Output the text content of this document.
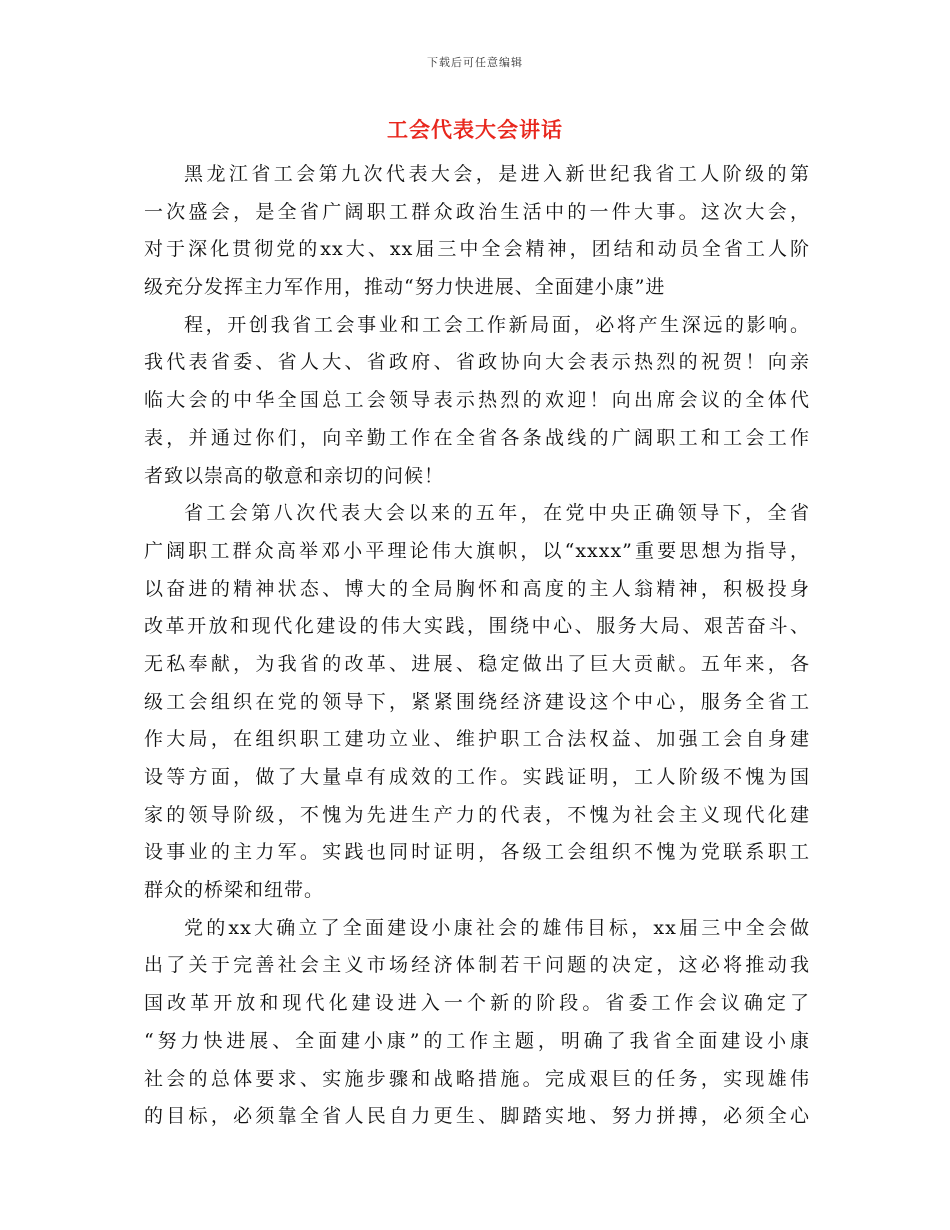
下载后可任意编辑
工会代表大会讲话
黑龙江省工会第九次代表大会，是进入新世纪我省工人阶级的第
一次盛会，是全省广阔职工群众政治生活中的一件大事。这次大会，
对于深化贯彻党的xx大、xx届三中全会精神，团结和动员全省工人阶
级充分发挥主力军作用，推动“努力快进展、全面建小康”进
程，开创我省工会事业和工会工作新局面，必将产生深远的影响。
我代表省委、省人大、省政府、省政协向大会表示热烈的祝贺！向亲
临大会的中华全国总工会领导表示热烈的欢迎！向出席会议的全体代
表，并通过你们，向辛勤工作在全省各条战线的广阔职工和工会工作
者致以崇高的敬意和亲切的问候！
省工会第八次代表大会以来的五年，在党中央正确领导下，全省
广阔职工群众高举邓小平理论伟大旗帜，以“xxxx”重要思想为指导，
以奋进的精神状态、博大的全局胸怀和高度的主人翁精神，积极投身
改革开放和现代化建设的伟大实践，围绕中心、服务大局、艰苦奋斗、
无私奉献，为我省的改革、进展、稳定做出了巨大贡献。五年来，各
级工会组织在党的领导下，紧紧围绕经济建设这个中心，服务全省工
作大局，在组织职工建功立业、维护职工合法权益、加强工会自身建
设等方面，做了大量卓有成效的工作。实践证明，工人阶级不愧为国
家的领导阶级，不愧为先进生产力的代表，不愧为社会主义现代化建
设事业的主力军。实践也同时证明，各级工会组织不愧为党联系职工
群众的桥梁和纽带。
党的xx大确立了全面建设小康社会的雄伟目标，xx届三中全会做
出了关于完善社会主义市场经济体制若干问题的决定，这必将推动我
国改革开放和现代化建设进入一个新的阶段。省委工作会议确定了
“努力快进展、全面建小康”的工作主题，明确了我省全面建设小康
社会的总体要求、实施步骤和战略措施。完成艰巨的任务，实现雄伟
的目标，必须靠全省人民自力更生、脚踏实地、努力拼搏，必须全心
